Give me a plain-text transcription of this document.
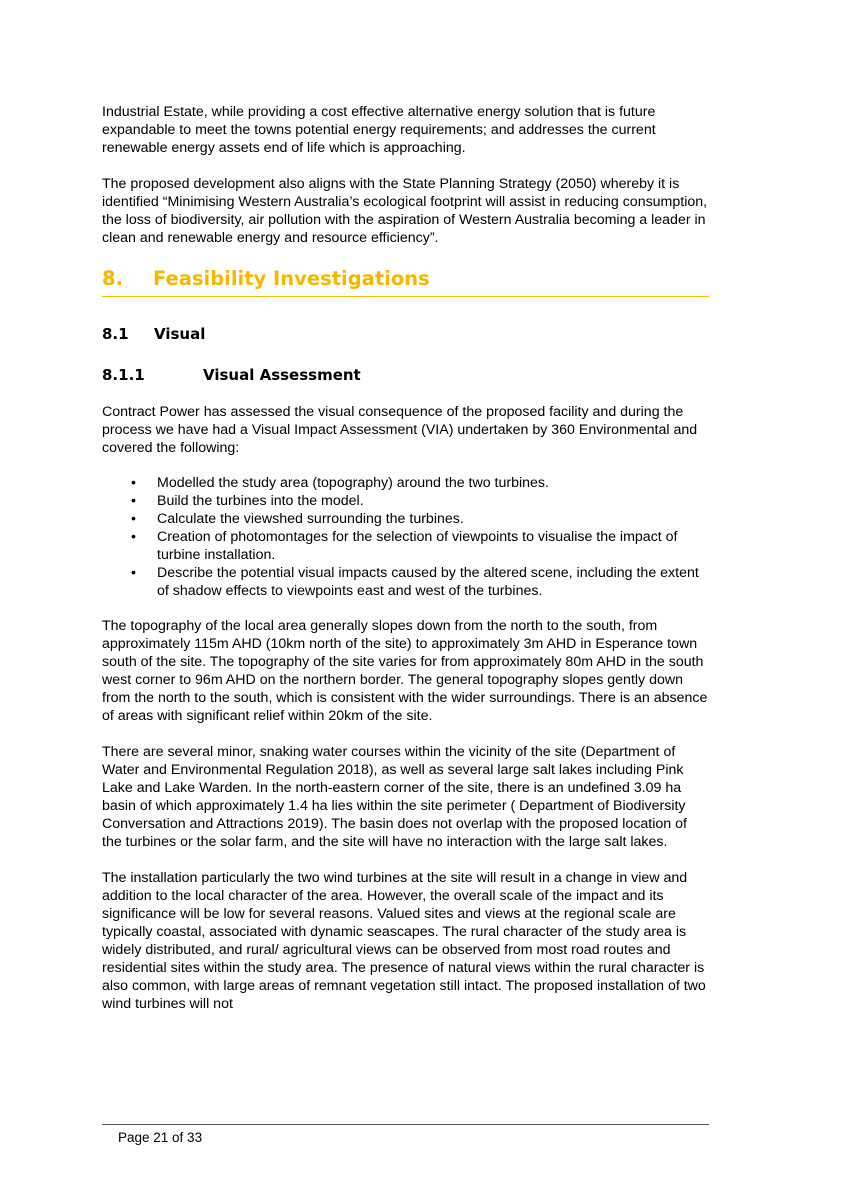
Industrial Estate, while providing a cost effective alternative energy solution that is future expandable to meet the towns potential energy requirements; and addresses the current renewable energy assets end of life which is approaching.

The proposed development also aligns with the State Planning Strategy (2050) whereby it is identified “Minimising Western Australia’s ecological footprint will assist in reducing consumption, the loss of biodiversity, air pollution with the aspiration of Western Australia becoming a leader in clean and renewable energy and resource efficiency”.

8.	Feasibility Investigations
8.1	Visual
8.1.1	Visual Assessment

Contract Power has assessed the visual consequence of the proposed facility and during the process we have had a Visual Impact Assessment (VIA) undertaken by 360 Environmental and covered the following:

• Modelled the study area (topography) around the two turbines.
• Build the turbines into the model.
• Calculate the viewshed surrounding the turbines.
• Creation of photomontages for the selection of viewpoints to visualise the impact of turbine installation.
• Describe the potential visual impacts caused by the altered scene, including the extent of shadow effects to viewpoints east and west of the turbines.

The topography of the local area generally slopes down from the north to the south, from approximately 115m AHD (10km north of the site) to approximately 3m AHD in Esperance town south of the site. The topography of the site varies for from approximately 80m AHD in the south west corner to 96m AHD on the northern border. The general topography slopes gently down from the north to the south, which is consistent with the wider surroundings. There is an absence of areas with significant relief within 20km of the site.

There are several minor, snaking water courses within the vicinity of the site (Department of Water and Environmental Regulation 2018), as well as several large salt lakes including Pink Lake and Lake Warden. In the north-eastern corner of the site, there is an undefined 3.09 ha basin of which approximately 1.4 ha lies within the site perimeter ( Department of Biodiversity Conversation and Attractions 2019). The basin does not overlap with the proposed location of the turbines or the solar farm, and the site will have no interaction with the large salt lakes.

The installation particularly the two wind turbines at the site will result in a change in view and addition to the local character of the area. However, the overall scale of the impact and its significance will be low for several reasons. Valued sites and views at the regional scale are typically coastal, associated with dynamic seascapes. The rural character of the study area is widely distributed, and rural/ agricultural views can be observed from most road routes and residential sites within the study area. The presence of natural views within the rural character is also common, with large areas of remnant vegetation still intact. The proposed installation of two wind turbines will not

Page 21 of 33
